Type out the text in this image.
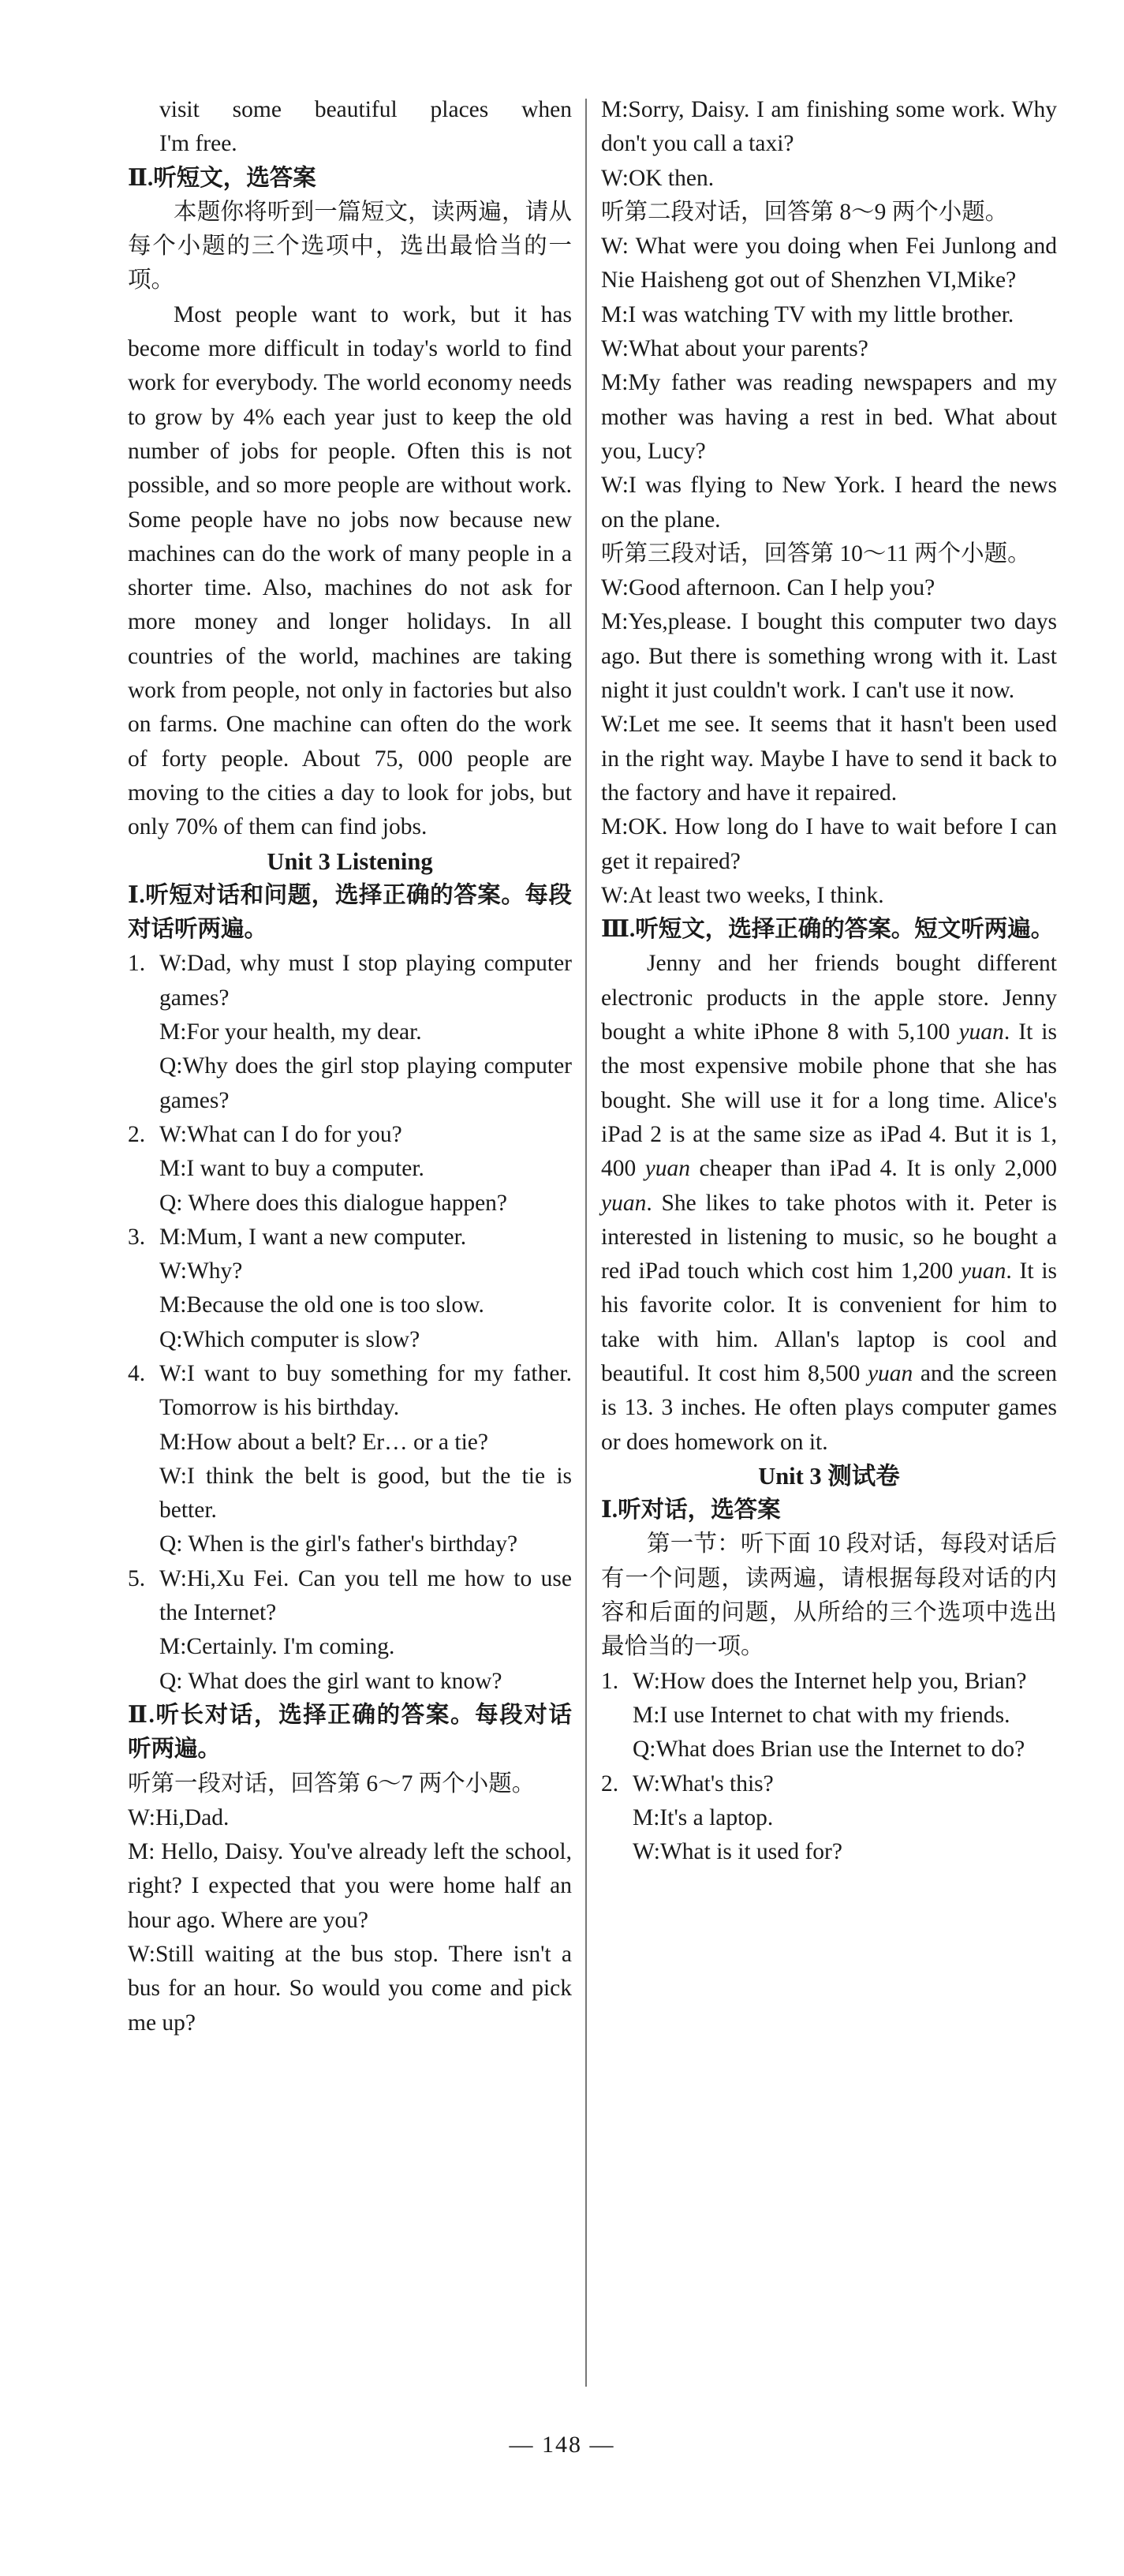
visit some beautiful places when
I'm free.

Ⅱ.听短文，选答案

本题你将听到一篇短文，读两遍，请从每个小题的三个选项中，选出最恰当的一项。

Most people want to work, but it has become more difficult in today's world to find work for everybody. The world economy needs to grow by 4% each year just to keep the old number of jobs for people. Often this is not possible, and so more people are without work. Some people have no jobs now because new machines can do the work of many people in a shorter time. Also, machines do not ask for more money and longer holidays. In all countries of the world, machines are taking work from people, not only in factories but also on farms. One machine can often do the work of forty people. About 75, 000 people are moving to the cities a day to look for jobs, but only 70% of them can find jobs.

Unit 3 Listening

Ⅰ.听短对话和问题，选择正确的答案。每段对话听两遍。

1. W:Dad, why must I stop playing computer games?
M:For your health, my dear.
Q:Why does the girl stop playing computer games?
2. W:What can I do for you?
M:I want to buy a computer.
Q: Where does this dialogue happen?
3. M:Mum, I want a new computer.
W:Why?
M:Because the old one is too slow.
Q:Which computer is slow?
4. W:I want to buy something for my father. Tomorrow is his birthday.
M:How about a belt? Er… or a tie?
W:I think the belt is good, but the tie is better.
Q: When is the girl's father's birthday?
5. W:Hi,Xu Fei. Can you tell me how to use the Internet?
M:Certainly. I'm coming.
Q: What does the girl want to know?

Ⅱ.听长对话，选择正确的答案。每段对话听两遍。

听第一段对话，回答第 6～7 两个小题。

W:Hi,Dad.

M: Hello, Daisy. You've already left the school, right? I expected that you were home half an hour ago. Where are you?

W:Still waiting at the bus stop. There isn't a bus for an hour. So would you come and pick me up?

M:Sorry, Daisy. I am finishing some work. Why don't you call a taxi?

W:OK then.

听第二段对话，回答第 8～9 两个小题。

W: What were you doing when Fei Junlong and Nie Haisheng got out of Shenzhen VI,Mike?

M:I was watching TV with my little brother.

W:What about your parents?

M:My father was reading newspapers and my mother was having a rest in bed. What about you, Lucy?

W:I was flying to New York. I heard the news on the plane.

听第三段对话，回答第 10～11 两个小题。

W:Good afternoon. Can I help you?

M:Yes,please. I bought this computer two days ago. But there is something wrong with it. Last night it just couldn't work. I can't use it now.

W:Let me see. It seems that it hasn't been used in the right way. Maybe I have to send it back to the factory and have it repaired.

M:OK. How long do I have to wait before I can get it repaired?

W:At least two weeks, I think.

Ⅲ.听短文，选择正确的答案。短文听两遍。

Jenny and her friends bought different electronic products in the apple store. Jenny bought a white iPhone 8 with 5,100 yuan. It is the most expensive mobile phone that she has bought. She will use it for a long time. Alice's iPad 2 is at the same size as iPad 4. But it is 1, 400 yuan cheaper than iPad 4. It is only 2,000 yuan. She likes to take photos with it. Peter is interested in listening to music, so he bought a red iPad touch which cost him 1,200 yuan. It is his favorite color. It is convenient for him to take with him. Allan's laptop is cool and beautiful. It cost him 8,500 yuan and the screen is 13. 3 inches. He often plays computer games or does homework on it.

Unit 3 测试卷

Ⅰ.听对话，选答案

第一节：听下面 10 段对话，每段对话后有一个问题，读两遍，请根据每段对话的内容和后面的问题，从所给的三个选项中选出最恰当的一项。

1. W:How does the Internet help you, Brian?
M:I use Internet to chat with my friends.
Q:What does Brian use the Internet to do?
2. W:What's this?
M:It's a laptop.
W:What is it used for?
— 148 —
